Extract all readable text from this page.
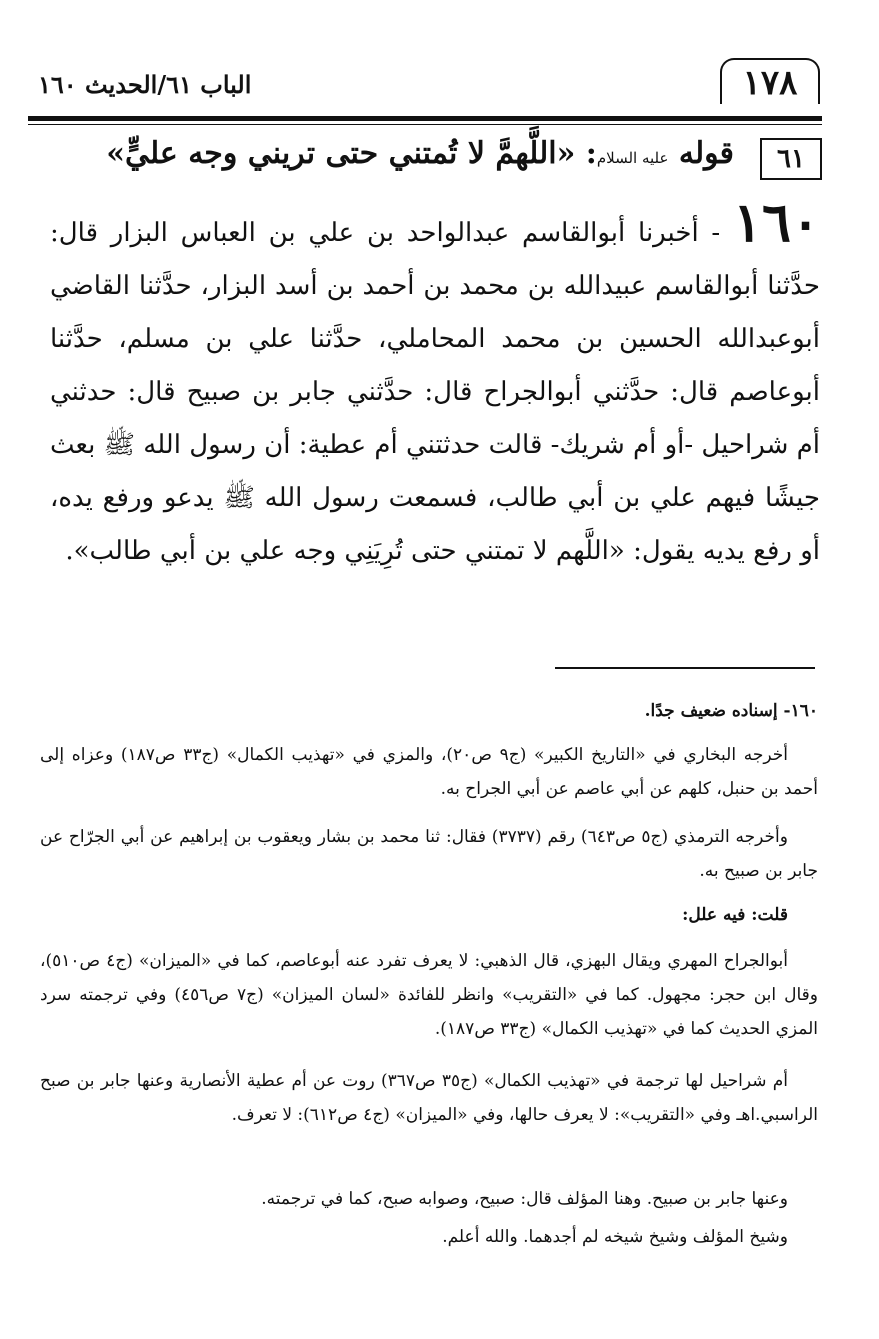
١٧٨
الباب ٦١/الحديث ١٦٠
٦١
قوله عليه السلام: «اللَّهمَّ لا تُمتني حتى تريني وجه عليٍّ»
١٦٠ - أخبرنا أبوالقاسم عبدالواحد بن علي بن العباس البزار قال: حدَّثنا أبوالقاسم عبيدالله بن محمد بن أحمد بن أسد البزار، حدَّثنا القاضي أبوعبدالله الحسين بن محمد المحاملي، حدَّثنا علي بن مسلم، حدَّثنا أبوعاصم قال: حدَّثني أبوالجراح قال: حدَّثني جابر بن صبيح قال: حدثني أم شراحيل -أو أم شريك- قالت حدثتني أم عطية: أن رسول الله ﷺ بعث جيشًا فيهم علي بن أبي طالب، فسمعت رسول الله ﷺ يدعو ورفع يده، أو رفع يديه يقول: «اللَّهم لا تمتني حتى تُرِيَنِي وجه علي بن أبي طالب».
١٦٠- إسناده ضعيف جدًا.
أخرجه البخاري في «التاريخ الكبير» (ج٩ ص٢٠)، والمزي في «تهذيب الكمال» (ج٣٣ ص١٨٧) وعزاه إلى أحمد بن حنبل، كلهم عن أبي عاصم عن أبي الجراح به.
وأخرجه الترمذي (ج٥ ص٦٤٣) رقم (٣٧٣٧) فقال: ثنا محمد بن بشار ويعقوب بن إبراهيم عن أبي الجرّاح عن جابر بن صبيح به.
قلت: فيه علل:
أبوالجراح المهري ويقال البهزي، قال الذهبي: لا يعرف تفرد عنه أبوعاصم، كما في «الميزان» (ج٤ ص٥١٠)، وقال ابن حجر: مجهول. كما في «التقريب» وانظر للفائدة «لسان الميزان» (ج٧ ص٤٥٦) وفي ترجمته سرد المزي الحديث كما في «تهذيب الكمال» (ج٣٣ ص١٨٧).
أم شراحيل لها ترجمة في «تهذيب الكمال» (ج٣٥ ص٣٦٧) روت عن أم عطية الأنصارية وعنها جابر بن صبح الراسبي.اهـ وفي «التقريب»: لا يعرف حالها، وفي «الميزان» (ج٤ ص٦١٢): لا تعرف.
وعنها جابر بن صبيح. وهنا المؤلف قال: صبيح، وصوابه صبح، كما في ترجمته.
وشيخ المؤلف وشيخ شيخه لم أجدهما. والله أعلم.
